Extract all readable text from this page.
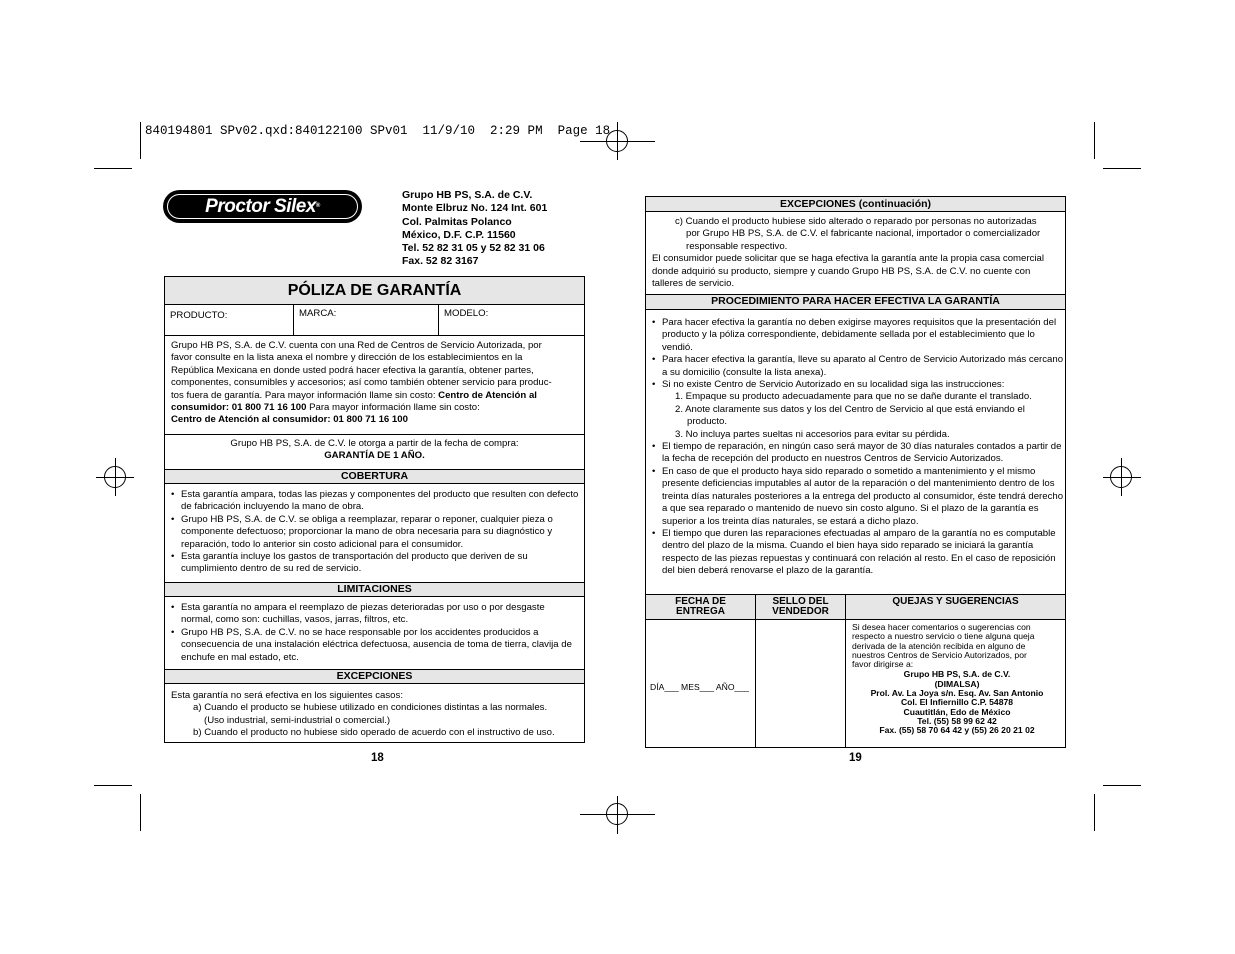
840194801 SPv02.qxd:840122100 SPv01  11/9/10  2:29 PM  Page 18
Proctor Silex®
Grupo HB PS, S.A. de C.V.
Monte Elbruz No. 124 Int. 601
Col. Palmitas Polanco
México, D.F. C.P. 11560
Tel. 52 82 31 05 y 52 82 31 06
Fax. 52 82 3167
PÓLIZA DE GARANTÍA
PRODUCTO:	MARCA:	MODELO:
Grupo HB PS, S.A. de C.V. cuenta con una Red de Centros de Servicio Autorizada, por
favor consulte en la lista anexa el nombre y dirección de los establecimientos en la
República Mexicana en donde usted podrá hacer efectiva la garantía, obtener partes,
componentes, consumibles y accesorios; así como también obtener servicio para produc-
tos fuera de garantía. Para mayor información llame sin costo: Centro de Atención al
consumidor: 01 800 71 16 100 Para mayor información llame sin costo:
Centro de Atención al consumidor: 01 800 71 16 100
Grupo HB PS, S.A. de C.V. le otorga a partir de la fecha de compra:
GARANTÍA DE 1 AÑO.
COBERTURA
• Esta garantía ampara, todas las piezas y componentes del producto que resulten con defecto de fabricación incluyendo la mano de obra.
• Grupo HB PS, S.A. de C.V. se obliga a reemplazar, reparar o reponer, cualquier pieza o componente defectuoso; proporcionar la mano de obra necesaria para su diagnóstico y reparación, todo lo anterior sin costo adicional para el consumidor.
• Esta garantía incluye los gastos de transportación del producto que deriven de su cumplimiento dentro de su red de servicio.
LIMITACIONES
• Esta garantía no ampara el reemplazo de piezas deterioradas por uso o por desgaste normal, como son: cuchillas, vasos, jarras, filtros, etc.
• Grupo HB PS, S.A. de C.V. no se hace responsable por los accidentes producidos a consecuencia de una instalación eléctrica defectuosa, ausencia de toma de tierra, clavija de enchufe en mal estado, etc.
EXCEPCIONES
Esta garantía no será efectiva en los siguientes casos:
a) Cuando el producto se hubiese utilizado en condiciones distintas a las normales.
(Uso industrial, semi-industrial o comercial.)
b) Cuando el producto no hubiese sido operado de acuerdo con el instructivo de uso.
18
EXCEPCIONES (continuación)
c) Cuando el producto hubiese sido alterado o reparado por personas no autorizadas
por Grupo HB PS, S.A. de C.V. el fabricante nacional, importador o comercializador
responsable respectivo.
El consumidor puede solicitar que se haga efectiva la garantía ante la propia casa comercial donde adquirió su producto, siempre y cuando Grupo HB PS, S.A. de C.V. no cuente con talleres de servicio.
PROCEDIMIENTO PARA HACER EFECTIVA LA GARANTÍA
• Para hacer efectiva la garantía no deben exigirse mayores requisitos que la presentación del producto y la póliza correspondiente, debidamente sellada por el establecimiento que lo vendió.
• Para hacer efectiva la garantía, lleve su aparato al Centro de Servicio Autorizado más cercano a su domicilio (consulte la lista anexa).
• Si no existe Centro de Servicio Autorizado en su localidad siga las instrucciones:
1. Empaque su producto adecuadamente para que no se dañe durante el translado.
2. Anote claramente sus datos y los del Centro de Servicio al que está enviando el
producto.
3. No incluya partes sueltas ni accesorios para evitar su pérdida.
• El tiempo de reparación, en ningún caso será mayor de 30 días naturales contados a partir de la fecha de recepción del producto en nuestros Centros de Servicio Autorizados.
• En caso de que el producto haya sido reparado o sometido a mantenimiento y el mismo presente deficiencias imputables al autor de la reparación o del mantenimiento dentro de los treinta días naturales posteriores a la entrega del producto al consumidor, éste tendrá derecho a que sea reparado o mantenido de nuevo sin costo alguno. Si el plazo de la garantía es superior a los treinta días naturales, se estará a dicho plazo.
• El tiempo que duren las reparaciones efectuadas al amparo de la garantía no es computable dentro del plazo de la misma. Cuando el bien haya sido reparado se iniciará la garantía respecto de las piezas repuestas y continuará con relación al resto. En el caso de reposición del bien deberá renovarse el plazo de la garantía.
FECHA DE
ENTREGA
SELLO DEL
VENDEDOR
QUEJAS Y SUGERENCIAS
DÍA___ MES___ AÑO___
Si desea hacer comentarios o sugerencias con
respecto a nuestro servicio o tiene alguna queja
derivada de la atención recibida en alguno de
nuestros Centros de Servicio Autorizados, por
favor dirigirse a:
Grupo HB PS, S.A. de C.V.
(DIMALSA)
Prol. Av. La Joya s/n. Esq. Av. San Antonio
Col. El Infiernillo C.P. 54878
Cuautitlán, Edo de México
Tel. (55) 58 99 62 42
Fax. (55) 58 70 64 42 y (55) 26 20 21 02
19
